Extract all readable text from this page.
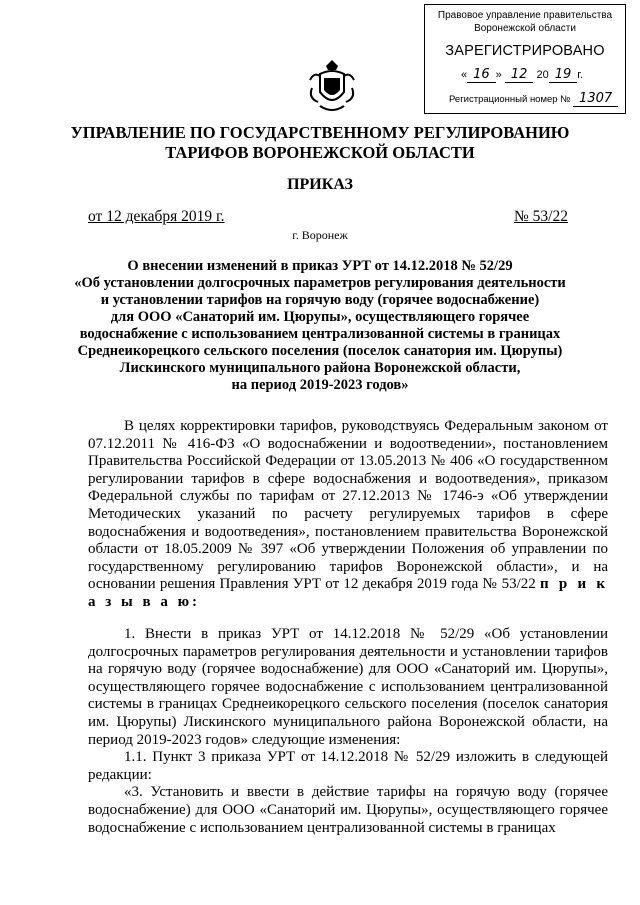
Правовое управление правительства
Воронежской области
ЗАРЕГИСТРИРОВАНО
« 16 » 12 20 19 г.
Регистрационный номер № 1307
УПРАВЛЕНИЕ ПО ГОСУДАРСТВЕННОМУ РЕГУЛИРОВАНИЮ
ТАРИФОВ ВОРОНЕЖСКОЙ ОБЛАСТИ
ПРИКАЗ
от 12 декабря 2019 г.	№ 53/22
г. Воронеж
О внесении изменений в приказ УРТ от 14.12.2018 № 52/29
«Об установлении долгосрочных параметров регулирования деятельности
и установлении тарифов на горячую воду (горячее водоснабжение)
для ООО «Санаторий им. Цюрупы», осуществляющего горячее
водоснабжение с использованием централизованной системы в границах
Среднеикорецкого сельского поселения (поселок санатория им. Цюрупы)
Лискинского муниципального района Воронежской области,
на период 2019-2023 годов»

В целях корректировки тарифов, руководствуясь Федеральным законом от 07.12.2011 № 416-ФЗ «О водоснабжении и водоотведении», постановлением Правительства Российской Федерации от 13.05.2013 № 406 «О государственном регулировании тарифов в сфере водоснабжения и водоотведения», приказом Федеральной службы по тарифам от 27.12.2013 № 1746-э «Об утверждении Методических указаний по расчету регулируемых тарифов в сфере водоснабжения и водоотведения», постановлением правительства Воронежской области от 18.05.2009 № 397 «Об утверждении Положения об управлении по государственному регулированию тарифов Воронежской области», и на основании решения Правления УРТ от 12 декабря 2019 года № 53/22 п р и к а з ы в а ю:

1. Внести в приказ УРТ от 14.12.2018 № 52/29 «Об установлении долгосрочных параметров регулирования деятельности и установлении тарифов на горячую воду (горячее водоснабжение) для ООО «Санаторий им. Цюрупы», осуществляющего горячее водоснабжение с использованием централизованной системы в границах Среднеикорецкого сельского поселения (поселок санатория им. Цюрупы) Лискинского муниципального района Воронежской области, на период 2019-2023 годов» следующие изменения:

1.1. Пункт 3 приказа УРТ от 14.12.2018 № 52/29 изложить в следующей редакции:

«3. Установить и ввести в действие тарифы на горячую воду (горячее водоснабжение) для ООО «Санаторий им. Цюрупы», осуществляющего горячее водоснабжение с использованием централизованной системы в границах
